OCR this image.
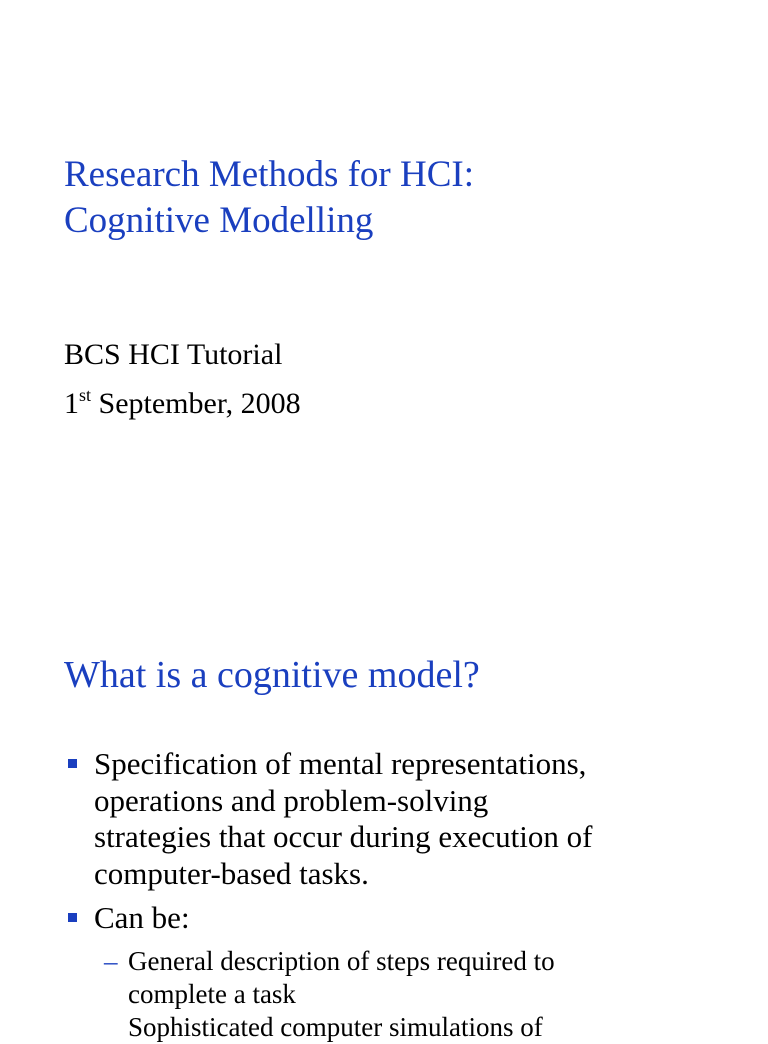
Research Methods for HCI:
Cognitive Modelling
BCS HCI Tutorial
1st September, 2008
What is a cognitive model?
Specification of mental representations,
operations and problem-solving
strategies that occur during execution of
computer-based tasks.
Can be:
– General description of steps required to
complete a task
Sophisticated computer simulations of
